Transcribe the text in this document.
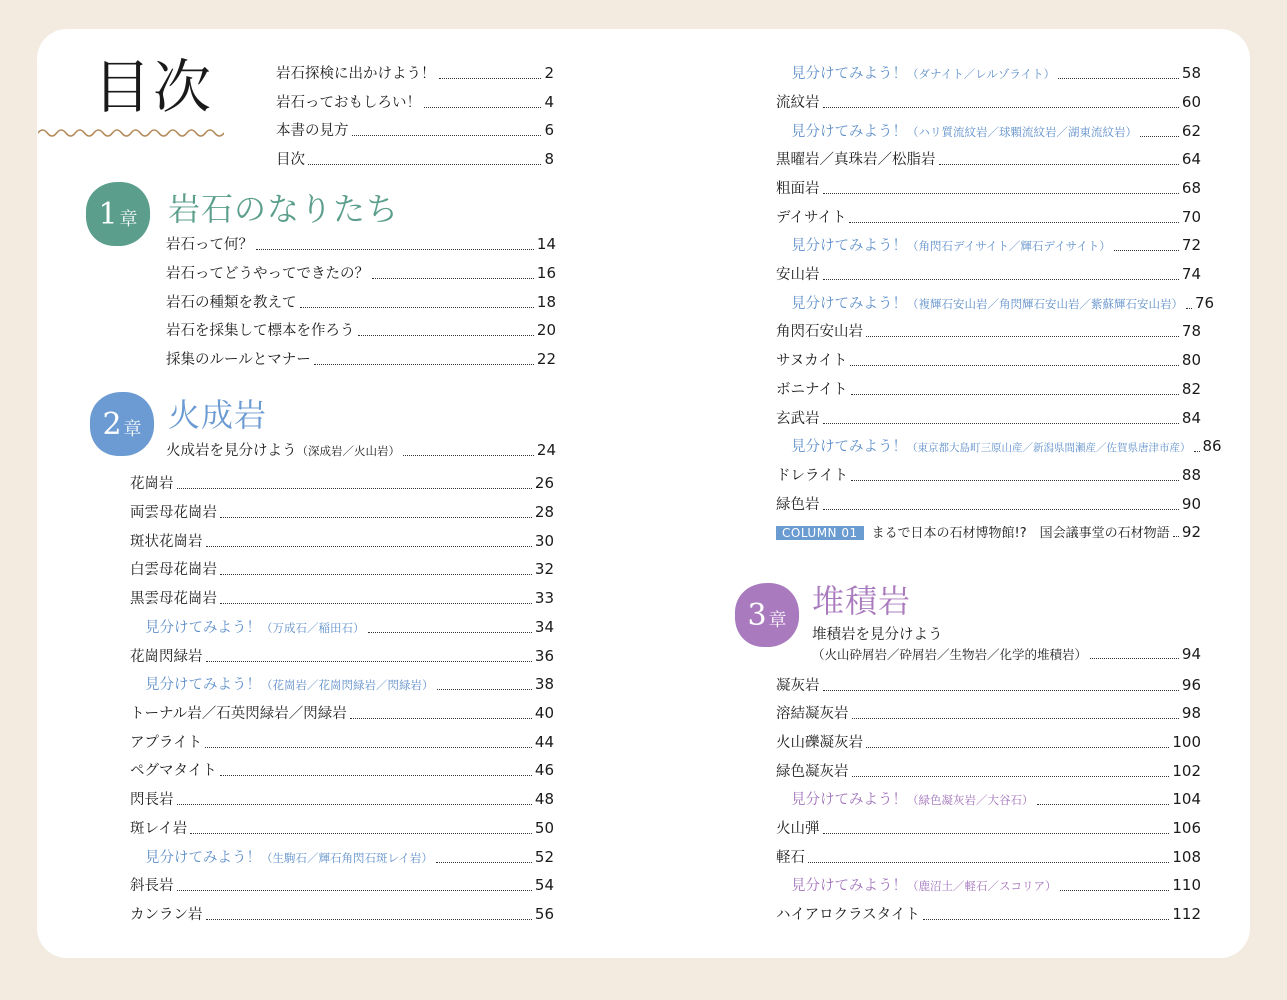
目次	岩石探検に出かけよう！	2
岩石っておもしろい！	4
本書の見方	6
目次	8
1 章 岩石のなりたち
岩石って何？	14
岩石ってどうやってできたの？	16
岩石の種類を教えて	18
岩石を採集して標本を作ろう	20
採集のルールとマナー	22
2 章 火成岩
火成岩を見分けよう （深成岩／火山岩）	24
花崗岩	26
両雲母花崗岩	28
斑状花崗岩	30
白雲母花崗岩	32
黒雲母花崗岩	33
見分けてみよう！ （万成石／稲田石）	34
花崗閃緑岩	36
見分けてみよう！ （花崗岩／花崗閃緑岩／閃緑岩）	38
トーナル岩／石英閃緑岩／閃緑岩	40
アプライト	44
ペグマタイト	46
閃長岩	48
斑レイ岩	50
見分けてみよう！ （生駒石／輝石角閃石斑レイ岩）	52
斜長岩	54
カンラン岩	56
見分けてみよう！ （ダナイト／レルゾライト）	58
流紋岩	60
見分けてみよう！ （ハリ質流紋岩／球顆流紋岩／湖東流紋岩）	62
黒曜岩／真珠岩／松脂岩	64
粗面岩	68
デイサイト	70
見分けてみよう！ （角閃石デイサイト／輝石デイサイト）	72
安山岩	74
見分けてみよう！ （複輝石安山岩／角閃輝石安山岩／紫蘇輝石安山岩） 76
角閃石安山岩	78
サヌカイト	80
ボニナイト	82
玄武岩	84
見分けてみよう！ （東京都大島町三原山産／新潟県間瀬産／佐賀県唐津市産） 86
ドレライト	88
緑色岩	90
COLUMN 01	まるで日本の石材博物館!?　国会議事堂の石材物語 92
3 章
堆積岩
堆積岩を見分けよう
（火山砕屑岩／砕屑岩／生物岩／化学的堆積岩）	94
凝灰岩	96
溶結凝灰岩	98
火山礫凝灰岩	100
緑色凝灰岩	102
見分けてみよう！ （緑色凝灰岩／大谷石）	104
火山弾	106
軽石	108
見分けてみよう！ （鹿沼土／軽石／スコリア）	110
ハイアロクラスタイト	112
